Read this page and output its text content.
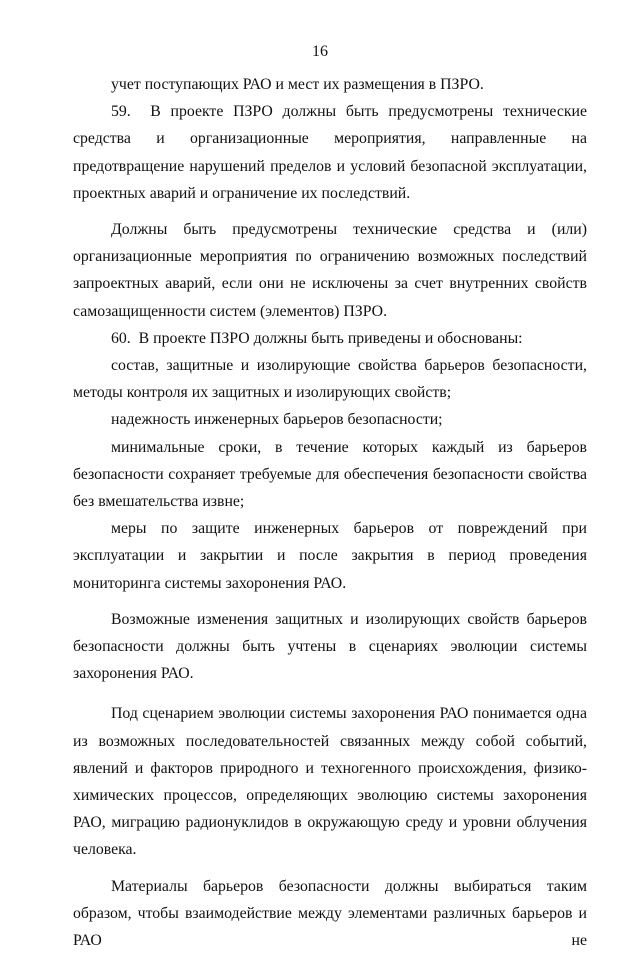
16

учет поступающих РАО и мест их размещения в ПЗРО.

59.  В проекте ПЗРО должны быть предусмотрены технические средства и организационные мероприятия, направленные на предотвращение нарушений пределов и условий безопасной эксплуатации, проектных аварий и ограничение их последствий.

Должны быть предусмотрены технические средства и (или) организационные мероприятия по ограничению возможных последствий запроектных аварий, если они не исключены за счет внутренних свойств самозащищенности систем (элементов) ПЗРО.

60.  В проекте ПЗРО должны быть приведены и обоснованы:

состав, защитные и изолирующие свойства барьеров безопасности, методы контроля их защитных и изолирующих свойств;

надежность инженерных барьеров безопасности;

минимальные сроки, в течение которых каждый из барьеров безопасности сохраняет требуемые для обеспечения безопасности свойства без вмешательства извне;

меры по защите инженерных барьеров от повреждений при эксплуатации и закрытии и после закрытия в период проведения мониторинга системы захоронения РАО.

Возможные изменения защитных и изолирующих свойств барьеров безопасности должны быть учтены в сценариях эволюции системы захоронения РАО.

Под сценарием эволюции системы захоронения РАО понимается одна из возможных последовательностей связанных между собой событий, явлений и факторов природного и техногенного происхождения, физико-химических процессов, определяющих эволюцию системы захоронения РАО, миграцию радионуклидов в окружающую среду и уровни облучения человека.

Материалы барьеров безопасности должны выбираться таким образом, чтобы взаимодействие между элементами различных барьеров и РАО не
